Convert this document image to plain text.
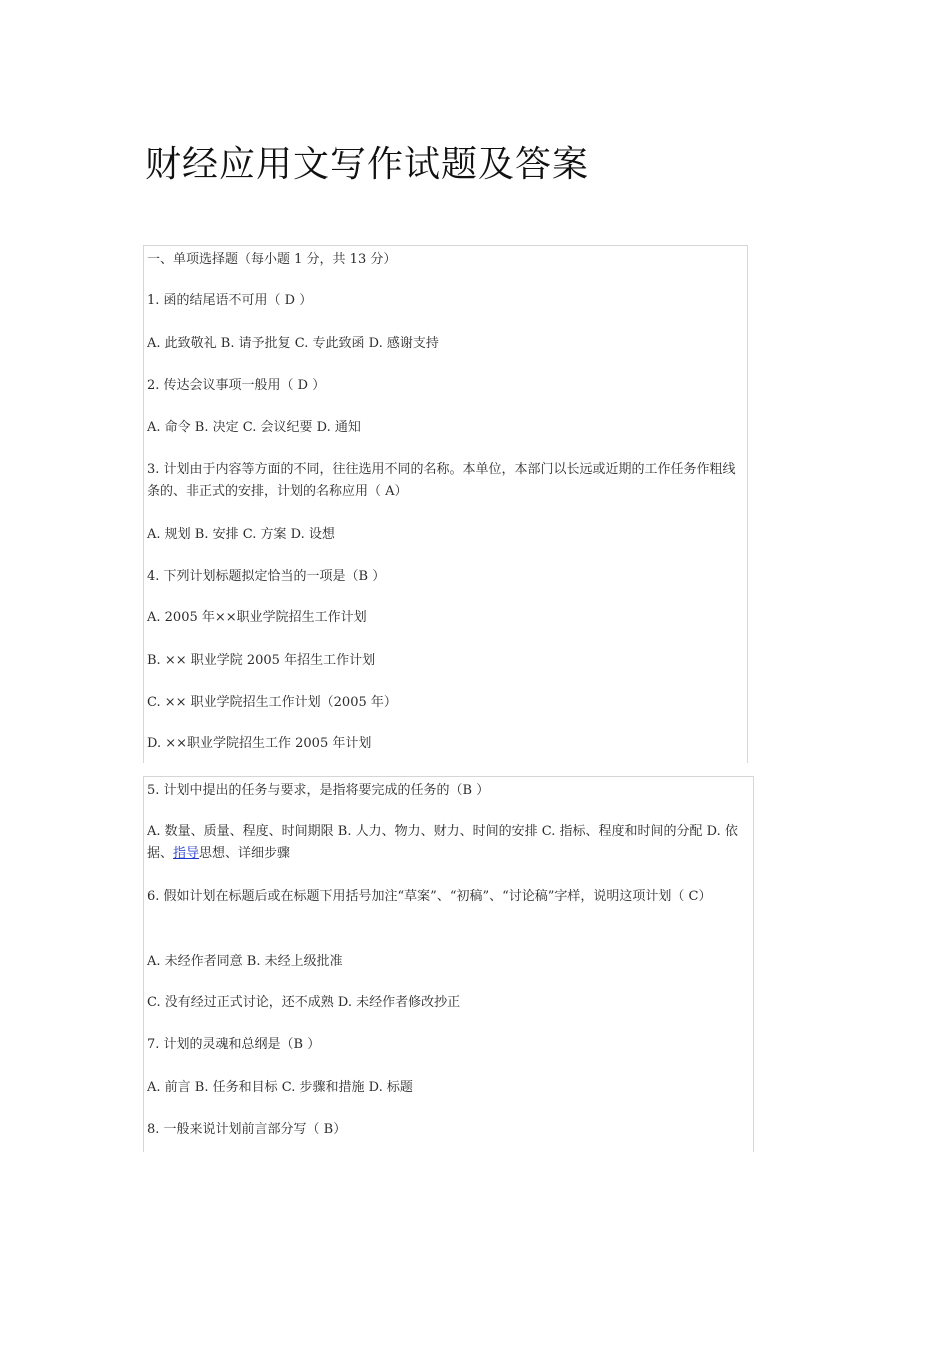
财经应用文写作试题及答案
一、单项选择题（每小题 1 分，共 13 分）
1. 函的结尾语不可用（ D ）
A. 此致敬礼 B. 请予批复 C. 专此致函 D. 感谢支持
2. 传达会议事项一般用（ D ）
A. 命令 B. 决定 C. 会议纪要 D. 通知
3. 计划由于内容等方面的不同，往往选用不同的名称。本单位，本部门以长远或近期的工作任务作粗线条的、非正式的安排，计划的名称应用（ A）
A. 规划 B. 安排 C. 方案 D. 设想
4. 下列计划标题拟定恰当的一项是（B ）
A. 2005 年××职业学院招生工作计划
B. ×× 职业学院 2005 年招生工作计划
C. ×× 职业学院招生工作计划（2005 年）
D. ××职业学院招生工作 2005 年计划
5. 计划中提出的任务与要求，是指将要完成的任务的（B ）
A. 数量、质量、程度、时间期限 B. 人力、物力、财力、时间的安排 C. 指标、程度和时间的分配 D. 依据、指导思想、详细步骤
6. 假如计划在标题后或在标题下用括号加注“草案”、“初稿”、“讨论稿”字样，说明这项计划（ C）
A. 未经作者同意 B. 未经上级批准
C. 没有经过正式讨论，还不成熟 D. 未经作者修改抄正
7. 计划的灵魂和总纲是（B ）
A. 前言 B. 任务和目标 C. 步骤和措施 D. 标题
8. 一般来说计划前言部分写（ B）
